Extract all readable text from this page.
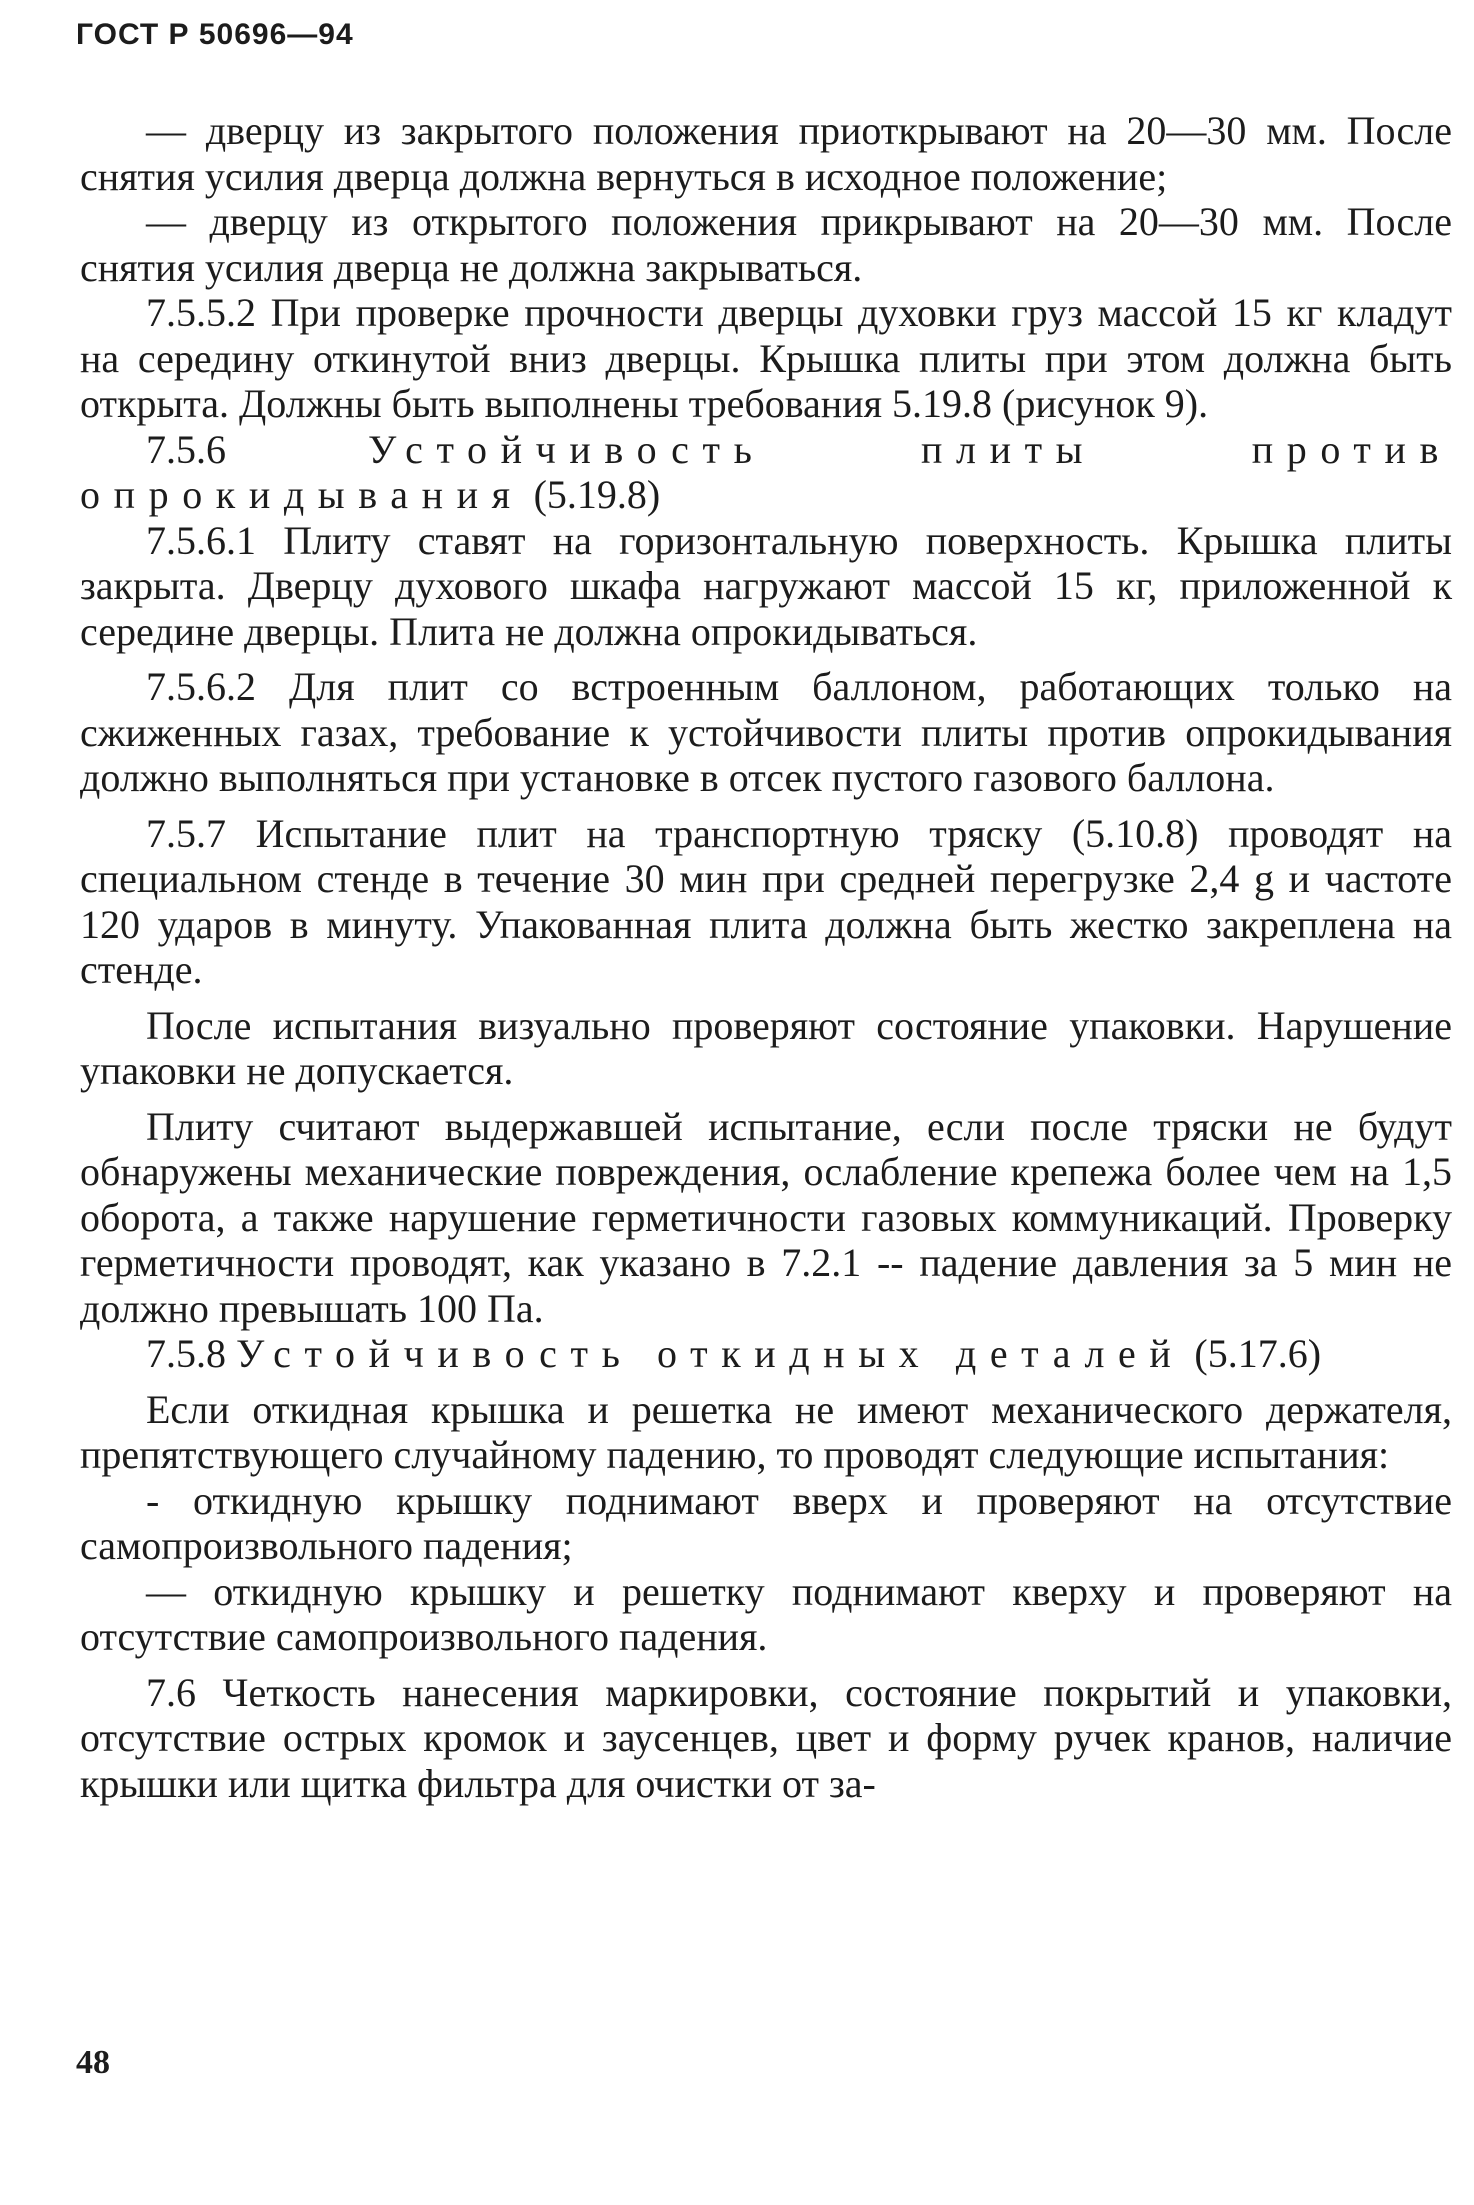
ГОСТ Р 50696—94

— дверцу из закрытого положения приоткрывают на 20—30 мм. После снятия усилия дверца должна вернуться в исходное положение;

— дверцу из открытого положения прикрывают на 20—30 мм. После снятия усилия дверца не должна закрываться.

7.5.5.2 При проверке прочности дверцы духовки груз массой 15 кг кладут на середину откинутой вниз дверцы. Крышка плиты при этом должна быть открыта. Должны быть выполнены требования 5.19.8 (рисунок 9).

7.5.6	Устойчивость плиты против опрокидывания (5.19.8)

7.5.6.1 Плиту ставят на горизонтальную поверхность. Крышка плиты закрыта. Дверцу духового шкафа нагружают массой 15 кг, приложенной к середине дверцы. Плита не должна опрокидываться.

7.5.6.2 Для плит со встроенным баллоном, работающих только на сжиженных газах, требование к устойчивости плиты против опрокидывания должно выполняться при установке в отсек пустого газового баллона.

7.5.7 Испытание плит на транспортную тряску (5.10.8) проводят на специальном стенде в течение 30 мин при средней перегрузке 2,4 g и частоте 120 ударов в минуту. Упакованная плита должна быть жестко закреплена на стенде.

После испытания визуально проверяют состояние упаковки. Нарушение упаковки не допускается.

Плиту считают выдержавшей испытание, если после тряски не будут обнаружены механические повреждения, ослабление крепежа более чем на 1,5 оборота, а также нарушение герметичности газовых коммуникаций. Проверку герметичности проводят, как указано в 7.2.1 -- падение давления за 5 мин не должно превышать 100 Па.

7.5.8 Устойчивость откидных деталей (5.17.6)

Если откидная крышка и решетка не имеют механического держателя, препятствующего случайному падению, то проводят следующие испытания:

- откидную крышку поднимают вверх и проверяют на отсутствие самопроизвольного падения;

— откидную крышку и решетку поднимают кверху и проверяют на отсутствие самопроизвольного падения.

7.6 Четкость нанесения маркировки, состояние покрытий и упаковки, отсутствие острых кромок и заусенцев, цвет и форму ручек кранов, наличие крышки или щитка фильтра для очистки от за-

48
